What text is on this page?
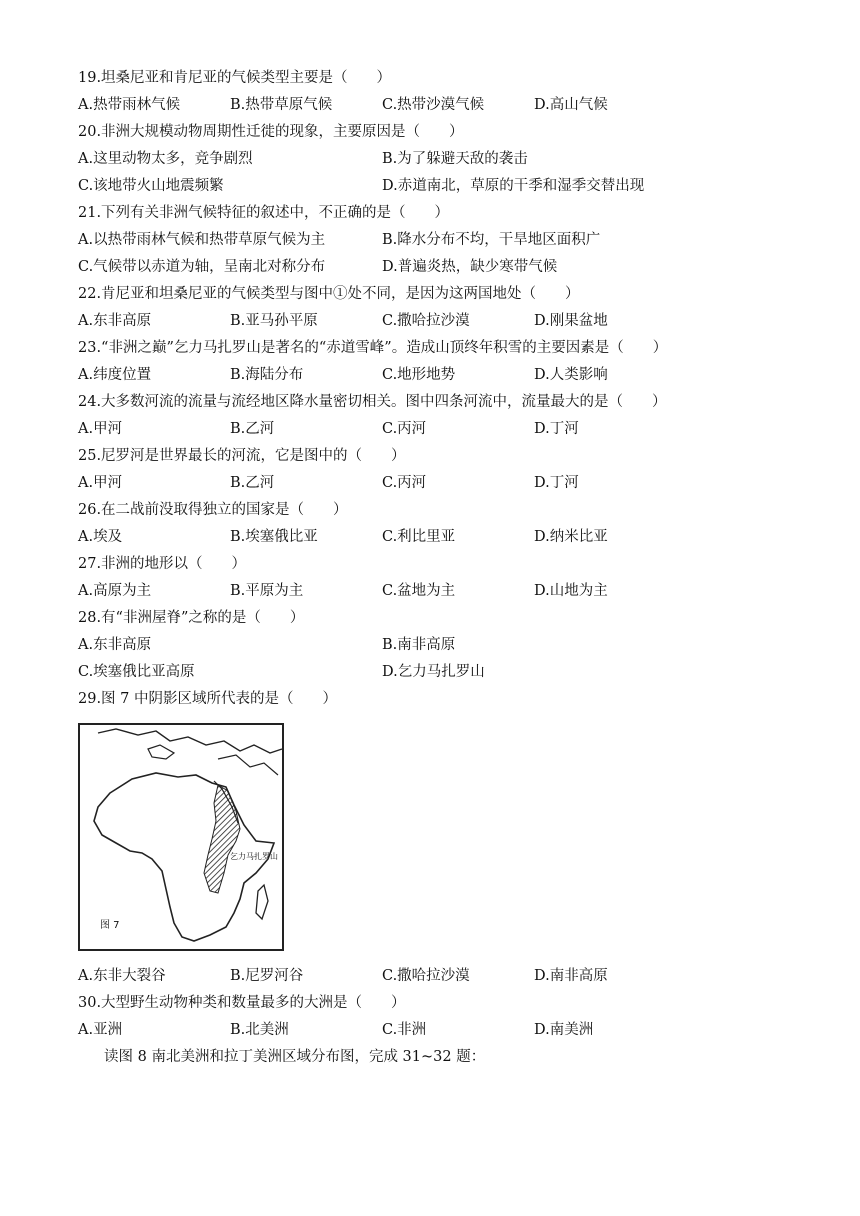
19.坦桑尼亚和肯尼亚的气候类型主要是（　　）
A.热带雨林气候	B.热带草原气候	C.热带沙漠气候	D.高山气候
20.非洲大规模动物周期性迁徙的现象，主要原因是（　　）
A.这里动物太多，竞争剧烈	B.为了躲避天敌的袭击
C.该地带火山地震频繁	D.赤道南北，草原的干季和湿季交替出现
21.下列有关非洲气候特征的叙述中，不正确的是（　　）
A.以热带雨林气候和热带草原气候为主	B.降水分布不均，干旱地区面积广
C.气候带以赤道为轴，呈南北对称分布	D.普遍炎热，缺少寒带气候
22.肯尼亚和坦桑尼亚的气候类型与图中①处不同，是因为这两国地处（　　）
A.东非高原	B.亚马孙平原	C.撒哈拉沙漠	D.刚果盆地
23.“非洲之巅”乞力马扎罗山是著名的“赤道雪峰”。造成山顶终年积雪的主要因素是（　　）
A.纬度位置	B.海陆分布	C.地形地势	D.人类影响
24.大多数河流的流量与流经地区降水量密切相关。图中四条河流中，流量最大的是（　　）
A.甲河	B.乙河	C.丙河	D.丁河
25.尼罗河是世界最长的河流，它是图中的（　　）
A.甲河	B.乙河	C.丙河	D.丁河
26.在二战前没取得独立的国家是（　　）
A.埃及	B.埃塞俄比亚	C.利比里亚	D.纳米比亚
27.非洲的地形以（　　）
A.高原为主	B.平原为主	C.盆地为主	D.山地为主
28.有“非洲屋脊”之称的是（　　）
A.东非高原	B.南非高原
C.埃塞俄比亚高原	D.乞力马扎罗山
29.图 7 中阴影区域所代表的是（　　）
乞力马扎罗山
图 7
A.东非大裂谷	B.尼罗河谷	C.撒哈拉沙漠	D.南非高原
30.大型野生动物种类和数量最多的大洲是（　　）
A.亚洲	B.北美洲	C.非洲	D.南美洲
读图 8 南北美洲和拉丁美洲区域分布图，完成 31~32 题：
